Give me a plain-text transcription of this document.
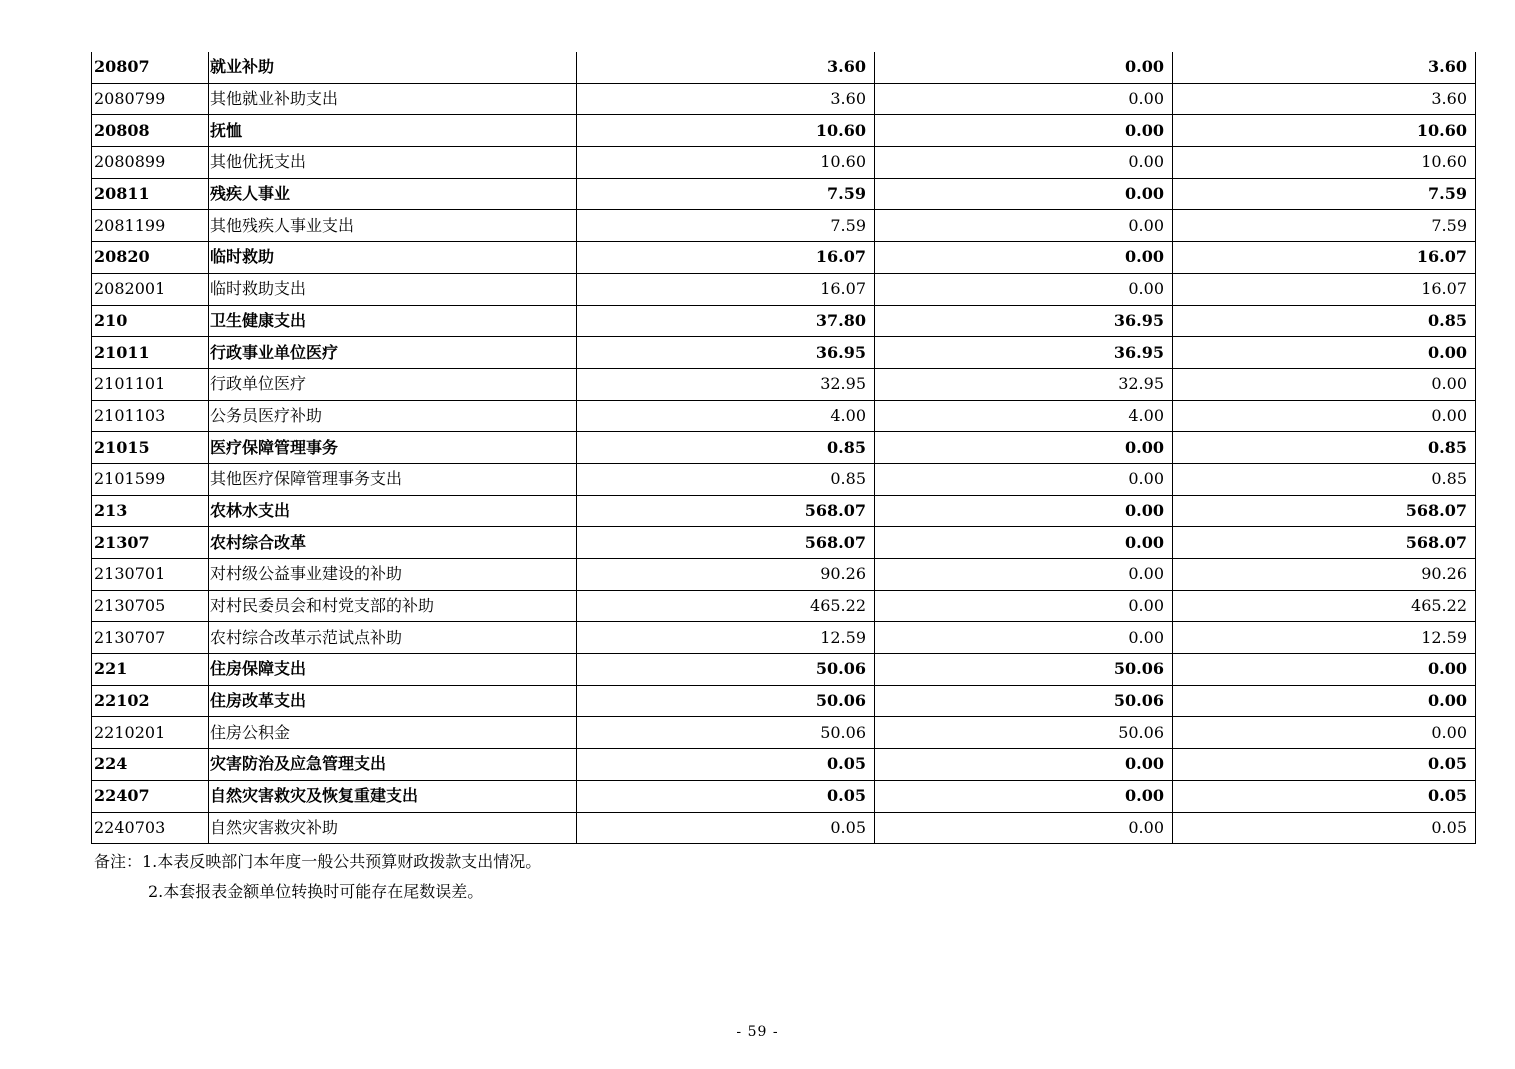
20807	就业补助	3.60	0.00	3.60
2080799	其他就业补助支出	3.60	0.00	3.60
20808	抚恤	10.60	0.00	10.60
2080899	其他优抚支出	10.60	0.00	10.60
20811	残疾人事业	7.59	0.00	7.59
2081199	其他残疾人事业支出	7.59	0.00	7.59
20820	临时救助	16.07	0.00	16.07
2082001	临时救助支出	16.07	0.00	16.07
210	卫生健康支出	37.80	36.95	0.85
21011	行政事业单位医疗	36.95	36.95	0.00
2101101	行政单位医疗	32.95	32.95	0.00
2101103	公务员医疗补助	4.00	4.00	0.00
21015	医疗保障管理事务	0.85	0.00	0.85
2101599	其他医疗保障管理事务支出	0.85	0.00	0.85
213	农林水支出	568.07	0.00	568.07
21307	农村综合改革	568.07	0.00	568.07
2130701	对村级公益事业建设的补助	90.26	0.00	90.26
2130705	对村民委员会和村党支部的补助	465.22	0.00	465.22
2130707	农村综合改革示范试点补助	12.59	0.00	12.59
221	住房保障支出	50.06	50.06	0.00
22102	住房改革支出	50.06	50.06	0.00
2210201	住房公积金	50.06	50.06	0.00
224	灾害防治及应急管理支出	0.05	0.00	0.05
22407	自然灾害救灾及恢复重建支出	0.05	0.00	0.05
2240703	自然灾害救灾补助	0.05	0.00	0.05
备注：1.本表反映部门本年度一般公共预算财政拨款支出情况。
2.本套报表金额单位转换时可能存在尾数误差。
- 59 -
